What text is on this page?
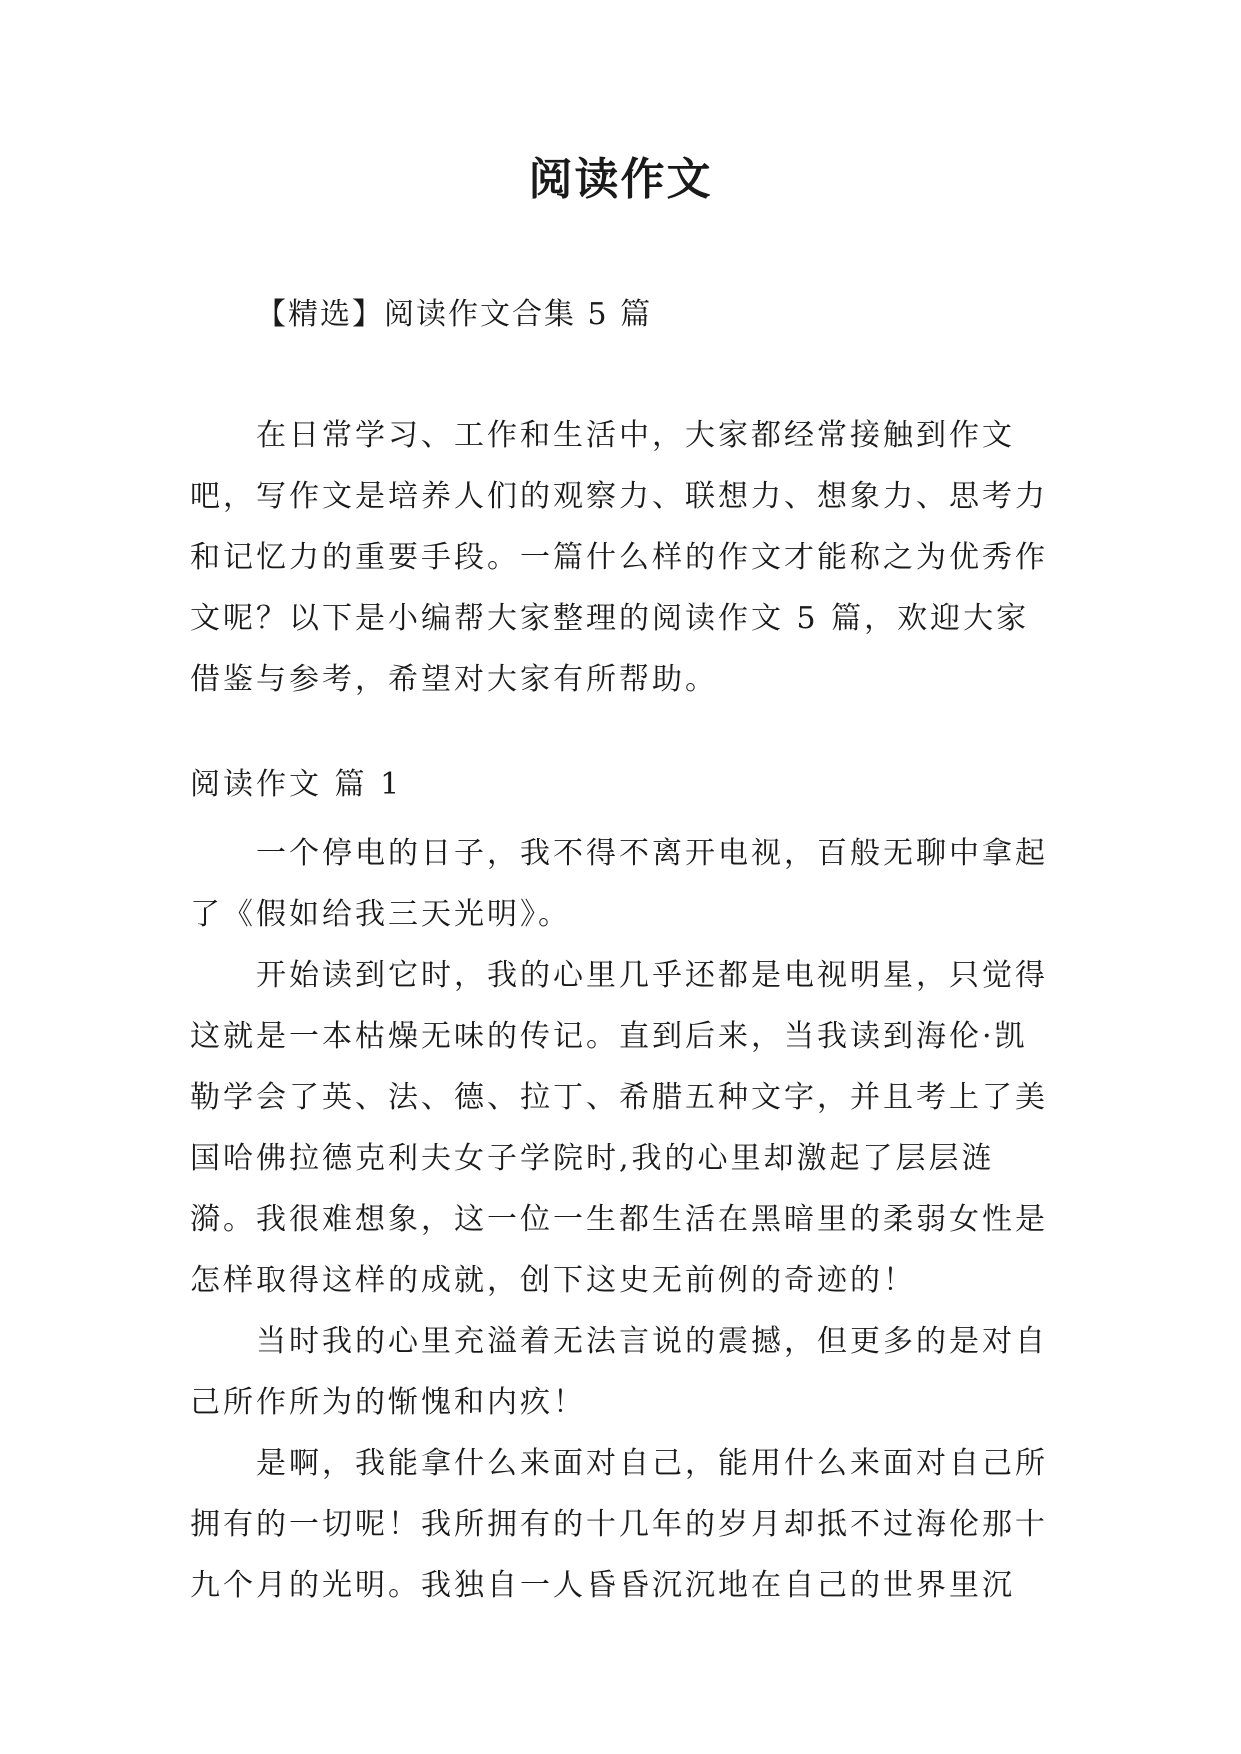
阅读作文
【精选】阅读作文合集 5 篇

在日常学习、工作和生活中，大家都经常接触到作文吧，写作文是培养人们的观察力、联想力、想象力、思考力和记忆力的重要手段。一篇什么样的作文才能称之为优秀作文呢？以下是小编帮大家整理的阅读作文 5 篇，欢迎大家借鉴与参考，希望对大家有所帮助。

阅读作文 篇 1

一个停电的日子，我不得不离开电视，百般无聊中拿起了《假如给我三天光明》。

开始读到它时，我的心里几乎还都是电视明星，只觉得这就是一本枯燥无味的传记。直到后来，当我读到海伦·凯勒学会了英、法、德、拉丁、希腊五种文字，并且考上了美国哈佛拉德克利夫女子学院时,我的心里却激起了层层涟漪。我很难想象，这一位一生都生活在黑暗里的柔弱女性是怎样取得这样的成就，创下这史无前例的奇迹的！

当时我的心里充溢着无法言说的震撼，但更多的是对自己所作所为的惭愧和内疚！

是啊，我能拿什么来面对自己，能用什么来面对自己所拥有的一切呢！我所拥有的十几年的岁月却抵不过海伦那十九个月的光明。我独自一人昏昏沉沉地在自己的世界里沉
